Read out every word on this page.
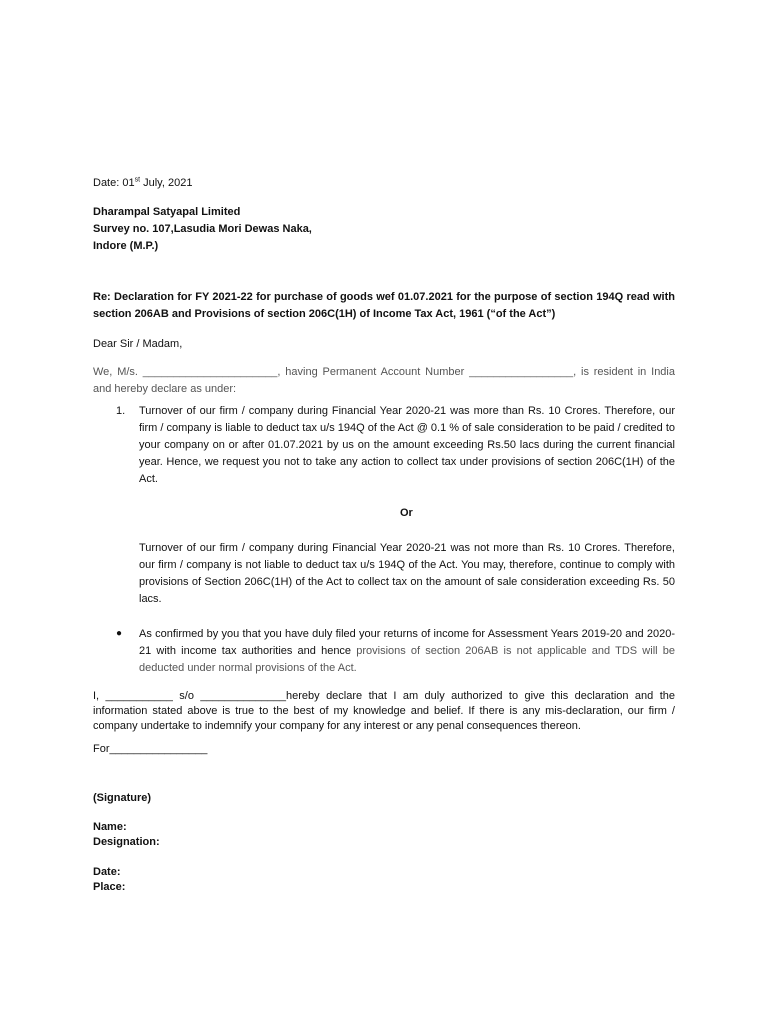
Date: 01st July, 2021
Dharampal Satyapal Limited
Survey no. 107,Lasudia Mori Dewas Naka,
Indore (M.P.)
Re: Declaration for FY 2021-22 for purchase of goods wef 01.07.2021 for the purpose of section 194Q read with section 206AB and Provisions of section 206C(1H) of Income Tax Act, 1961 (“of the Act”)
Dear Sir / Madam,
We, M/s. ______________________, having Permanent Account Number _________________, is resident in India and hereby declare as under:
1. Turnover of our firm / company during Financial Year 2020-21 was more than Rs. 10 Crores. Therefore, our firm / company is liable to deduct tax u/s 194Q of the Act @ 0.1 % of sale consideration to be paid / credited to your company on or after 01.07.2021 by us on the amount exceeding Rs.50 lacs during the current financial year. Hence, we request you not to take any action to collect tax under provisions of section 206C(1H) of the Act.
Or
Turnover of our firm / company during Financial Year 2020-21 was not more than Rs. 10 Crores. Therefore, our firm / company is not liable to deduct tax u/s 194Q of the Act. You may, therefore, continue to comply with provisions of Section 206C(1H) of the Act to collect tax on the amount of sale consideration exceeding Rs. 50 lacs.
● As confirmed by you that you have duly filed your returns of income for Assessment Years 2019-20 and 2020-21 with income tax authorities and hence provisions of section 206AB is not applicable and TDS will be deducted under normal provisions of the Act.
I, ___________ s/o ______________hereby declare that I am duly authorized to give this declaration and the information stated above is true to the best of my knowledge and belief. If there is any mis-declaration, our firm / company undertake to indemnify your company for any interest or any penal consequences thereon.
For________________
(Signature)
Name:
Designation:
Date:
Place:
